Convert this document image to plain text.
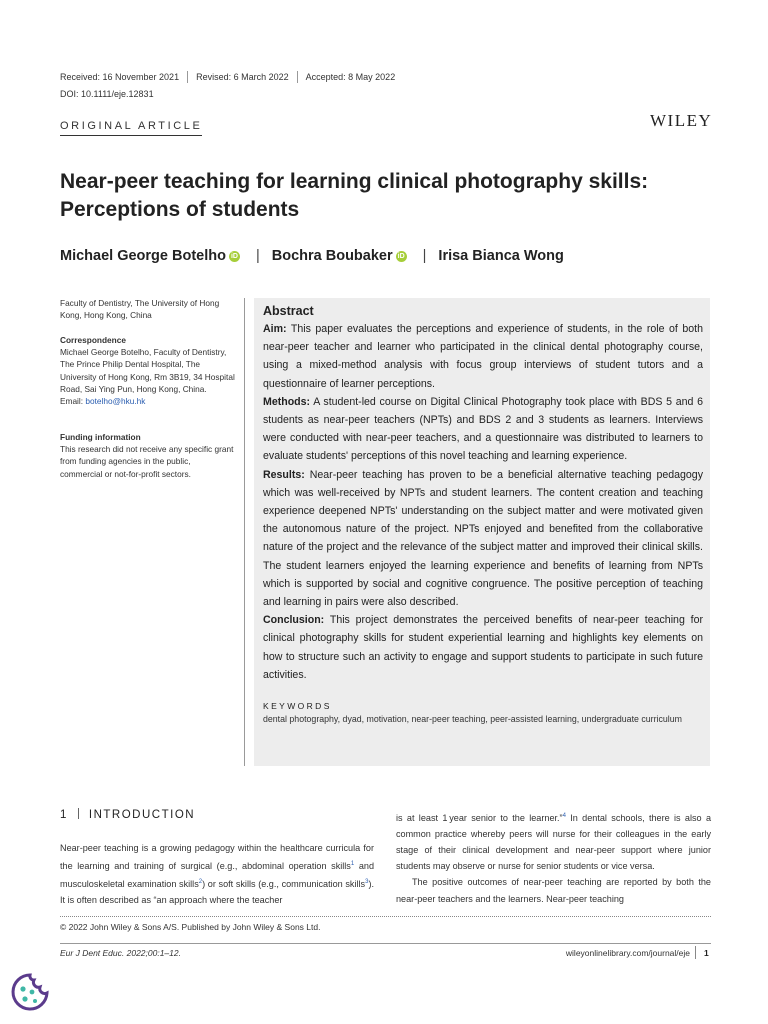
Received: 16 November 2021 Revised: 6 March 2022 Accepted: 8 May 2022
DOI: 10.1111/eje.12831
ORIGINAL ARTICLE	WILEY
Near-peer teaching for learning clinical photography skills: Perceptions of students
Michael George Botelho iD | Bochra Boubaker iD | Irisa Bianca Wong
Faculty of Dentistry, The University of Hong Kong, Hong Kong, China
Correspondence
Michael George Botelho, Faculty of Dentistry, The Prince Philip Dental Hospital, The University of Hong Kong, Rm 3B19, 34 Hospital Road, Sai Ying Pun, Hong Kong, China.
Email: botelho@hku.hk
Funding information
This research did not receive any specific grant from funding agencies in the public, commercial or not-for-profit sectors.
Abstract

Aim: This paper evaluates the perceptions and experience of students, in the role of both near-peer teacher and learner who participated in the clinical dental photography course, using a mixed-method analysis with focus group interviews of student tutors and a questionnaire of learner perceptions.

Methods: A student-led course on Digital Clinical Photography took place with BDS 5 and 6 students as near-peer teachers (NPTs) and BDS 2 and 3 students as learners. Interviews were conducted with near-peer teachers, and a questionnaire was distributed to learners to evaluate students' perceptions of this novel teaching and learning experience.

Results: Near-peer teaching has proven to be a beneficial alternative teaching pedagogy which was well-received by NPTs and student learners. The content creation and teaching experience deepened NPTs' understanding on the subject matter and were motivated given the autonomous nature of the project. NPTs enjoyed and benefited from the collaborative nature of the project and the relevance of the subject matter and improved their clinical skills. The student learners enjoyed the learning experience and benefits of learning from NPTs which is supported by social and cognitive congruence. The positive perception of teaching and learning in pairs were also described.

Conclusion: This project demonstrates the perceived benefits of near-peer teaching for clinical photography skills for student experiential learning and highlights key elements on how to structure such an activity to engage and support students to participate in such future activities.

KEYWORDS
dental photography, dyad, motivation, near-peer teaching, peer-assisted learning, undergraduate curriculum
1 INTRODUCTION
Near-peer teaching is a growing pedagogy within the healthcare curricula for the learning and training of surgical (e.g., abdominal operation skills$^1$ and musculoskeletal examination skills$^2$) or soft skills (e.g., communication skills$^3$). It is often described as “an approach where the teacher
is at least 1 year senior to the learner.”$^4$ In dental schools, there is also a common practice whereby peers will nurse for their colleagues in the early stage of their clinical development and near-peer support where junior students may observe or nurse for senior students or vice versa.
The positive outcomes of near-peer teaching are reported by both the near-peer teachers and the learners. Near-peer teaching
© 2022 John Wiley & Sons A/S. Published by John Wiley & Sons Ltd.
Eur J Dent Educ. 2022;00:1–12.	wileyonlinelibrary.com/journal/eje 1
